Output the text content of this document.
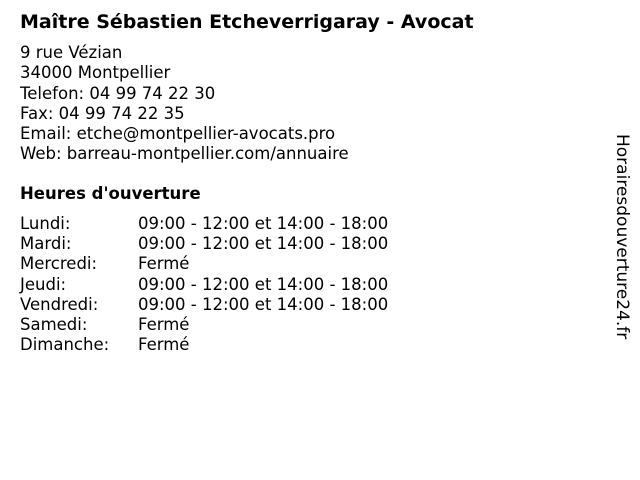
Maître Sébastien Etcheverrigaray - Avocat
9 rue Vézian
34000 Montpellier
Telefon: 04 99 74 22 30
Fax: 04 99 74 22 35
Email: etche@montpellier-avocats.pro
Web: barreau-montpellier.com/annuaire
Heures d'ouverture
Lundi:	09:00 - 12:00 et 14:00 - 18:00
Mardi:	09:00 - 12:00 et 14:00 - 18:00
Mercredi: Fermé
Jeudi:	09:00 - 12:00 et 14:00 - 18:00
Vendredi: 09:00 - 12:00 et 14:00 - 18:00
Samedi:	Fermé
Dimanche: Fermé
Horairesdouverture24.fr
